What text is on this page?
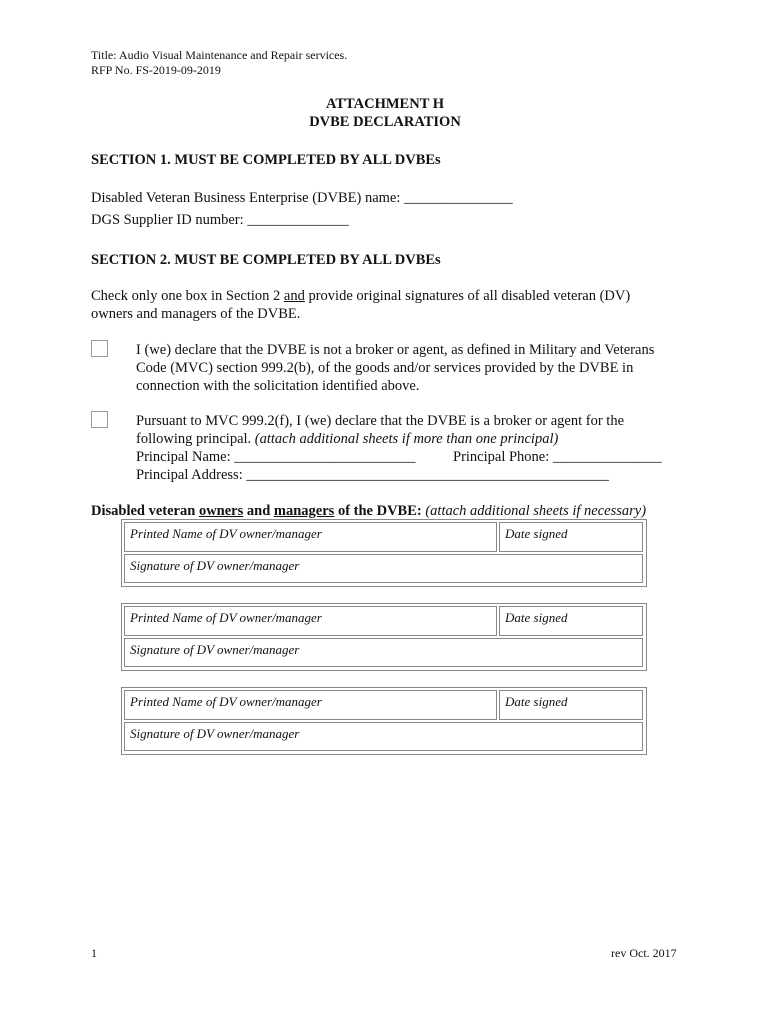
Title: Audio Visual Maintenance and Repair services.
RFP No. FS-2019-09-2019
ATTACHMENT H
DVBE DECLARATION
SECTION 1. MUST BE COMPLETED BY ALL DVBEs
Disabled Veteran Business Enterprise (DVBE) name: _______________
DGS Supplier ID number: ______________
SECTION 2. MUST BE COMPLETED BY ALL DVBEs
Check only one box in Section 2 and provide original signatures of all disabled veteran (DV)
owners and managers of the DVBE.
I (we) declare that the DVBE is not a broker or agent, as defined in Military and Veterans
Code (MVC) section 999.2(b), of the goods and/or services provided by the DVBE in
connection with the solicitation identified above.
Pursuant to MVC 999.2(f), I (we) declare that the DVBE is a broker or agent for the
following principal. (attach additional sheets if more than one principal)
Principal Name: _________________________	Principal Phone: _______________
Principal Address: __________________________________________________
Disabled veteran owners and managers of the DVBE: (attach additional sheets if necessary)
Printed Name of DV owner/manager	Date signed
Signature of DV owner/manager
Printed Name of DV owner/manager	Date signed
Signature of DV owner/manager
Printed Name of DV owner/manager	Date signed
Signature of DV owner/manager
1	rev Oct. 2017
